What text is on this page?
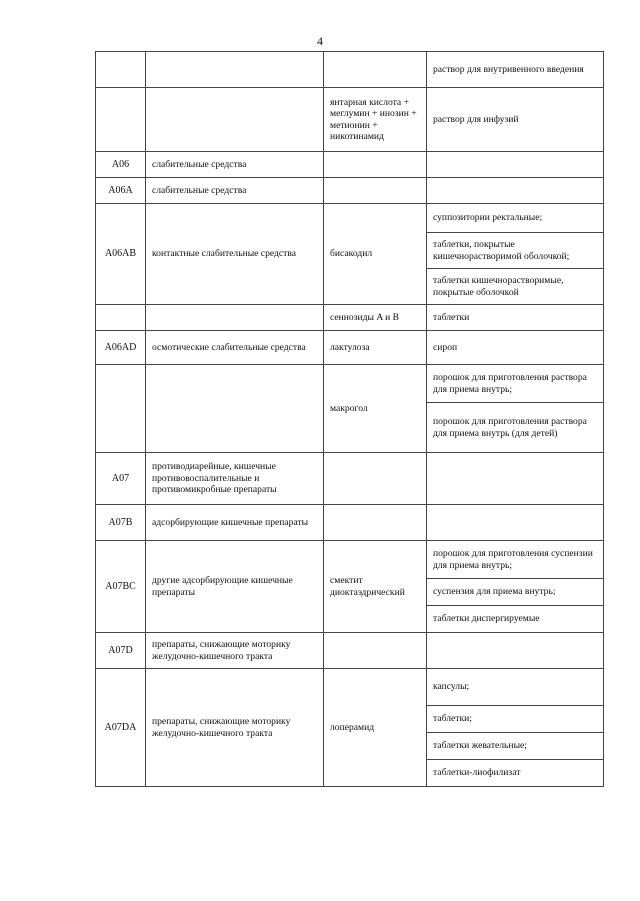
4
			раствор для внутривенного введения
		янтарная кислота + меглумин + инозин + метионин + никотинамид	раствор для инфузий
A06	слабительные средства		
A06A	слабительные средства		
A06AB	контактные слабительные средства	бисакодил	суппозитории ректальные;
			таблетки, покрытые кишечнорастворимой оболочкой;
			таблетки кишечнорастворимые, покрытые оболочкой
		сеннозиды A и B	таблетки
A06AD	осмотические слабительные средства	лактулоза	сироп
		макрогол	порошок для приготовления раствора для приема внутрь;
			порошок для приготовления раствора для приема внутрь (для детей)
A07	противодиарейные, кишечные противовоспалительные и противомикробные препараты		
A07B	адсорбирующие кишечные препараты		
A07BC	другие адсорбирующие кишечные препараты	смектит диоктаэдрический	порошок для приготовления суспензии для приема внутрь;
			суспензия для приема внутрь;
			таблетки диспергируемые
A07D	препараты, снижающие моторику желудочно-кишечного тракта		
A07DA	препараты, снижающие моторику желудочно-кишечного тракта	лоперамид	капсулы;
			таблетки;
			таблетки жевательные;
			таблетки-лиофилизат
